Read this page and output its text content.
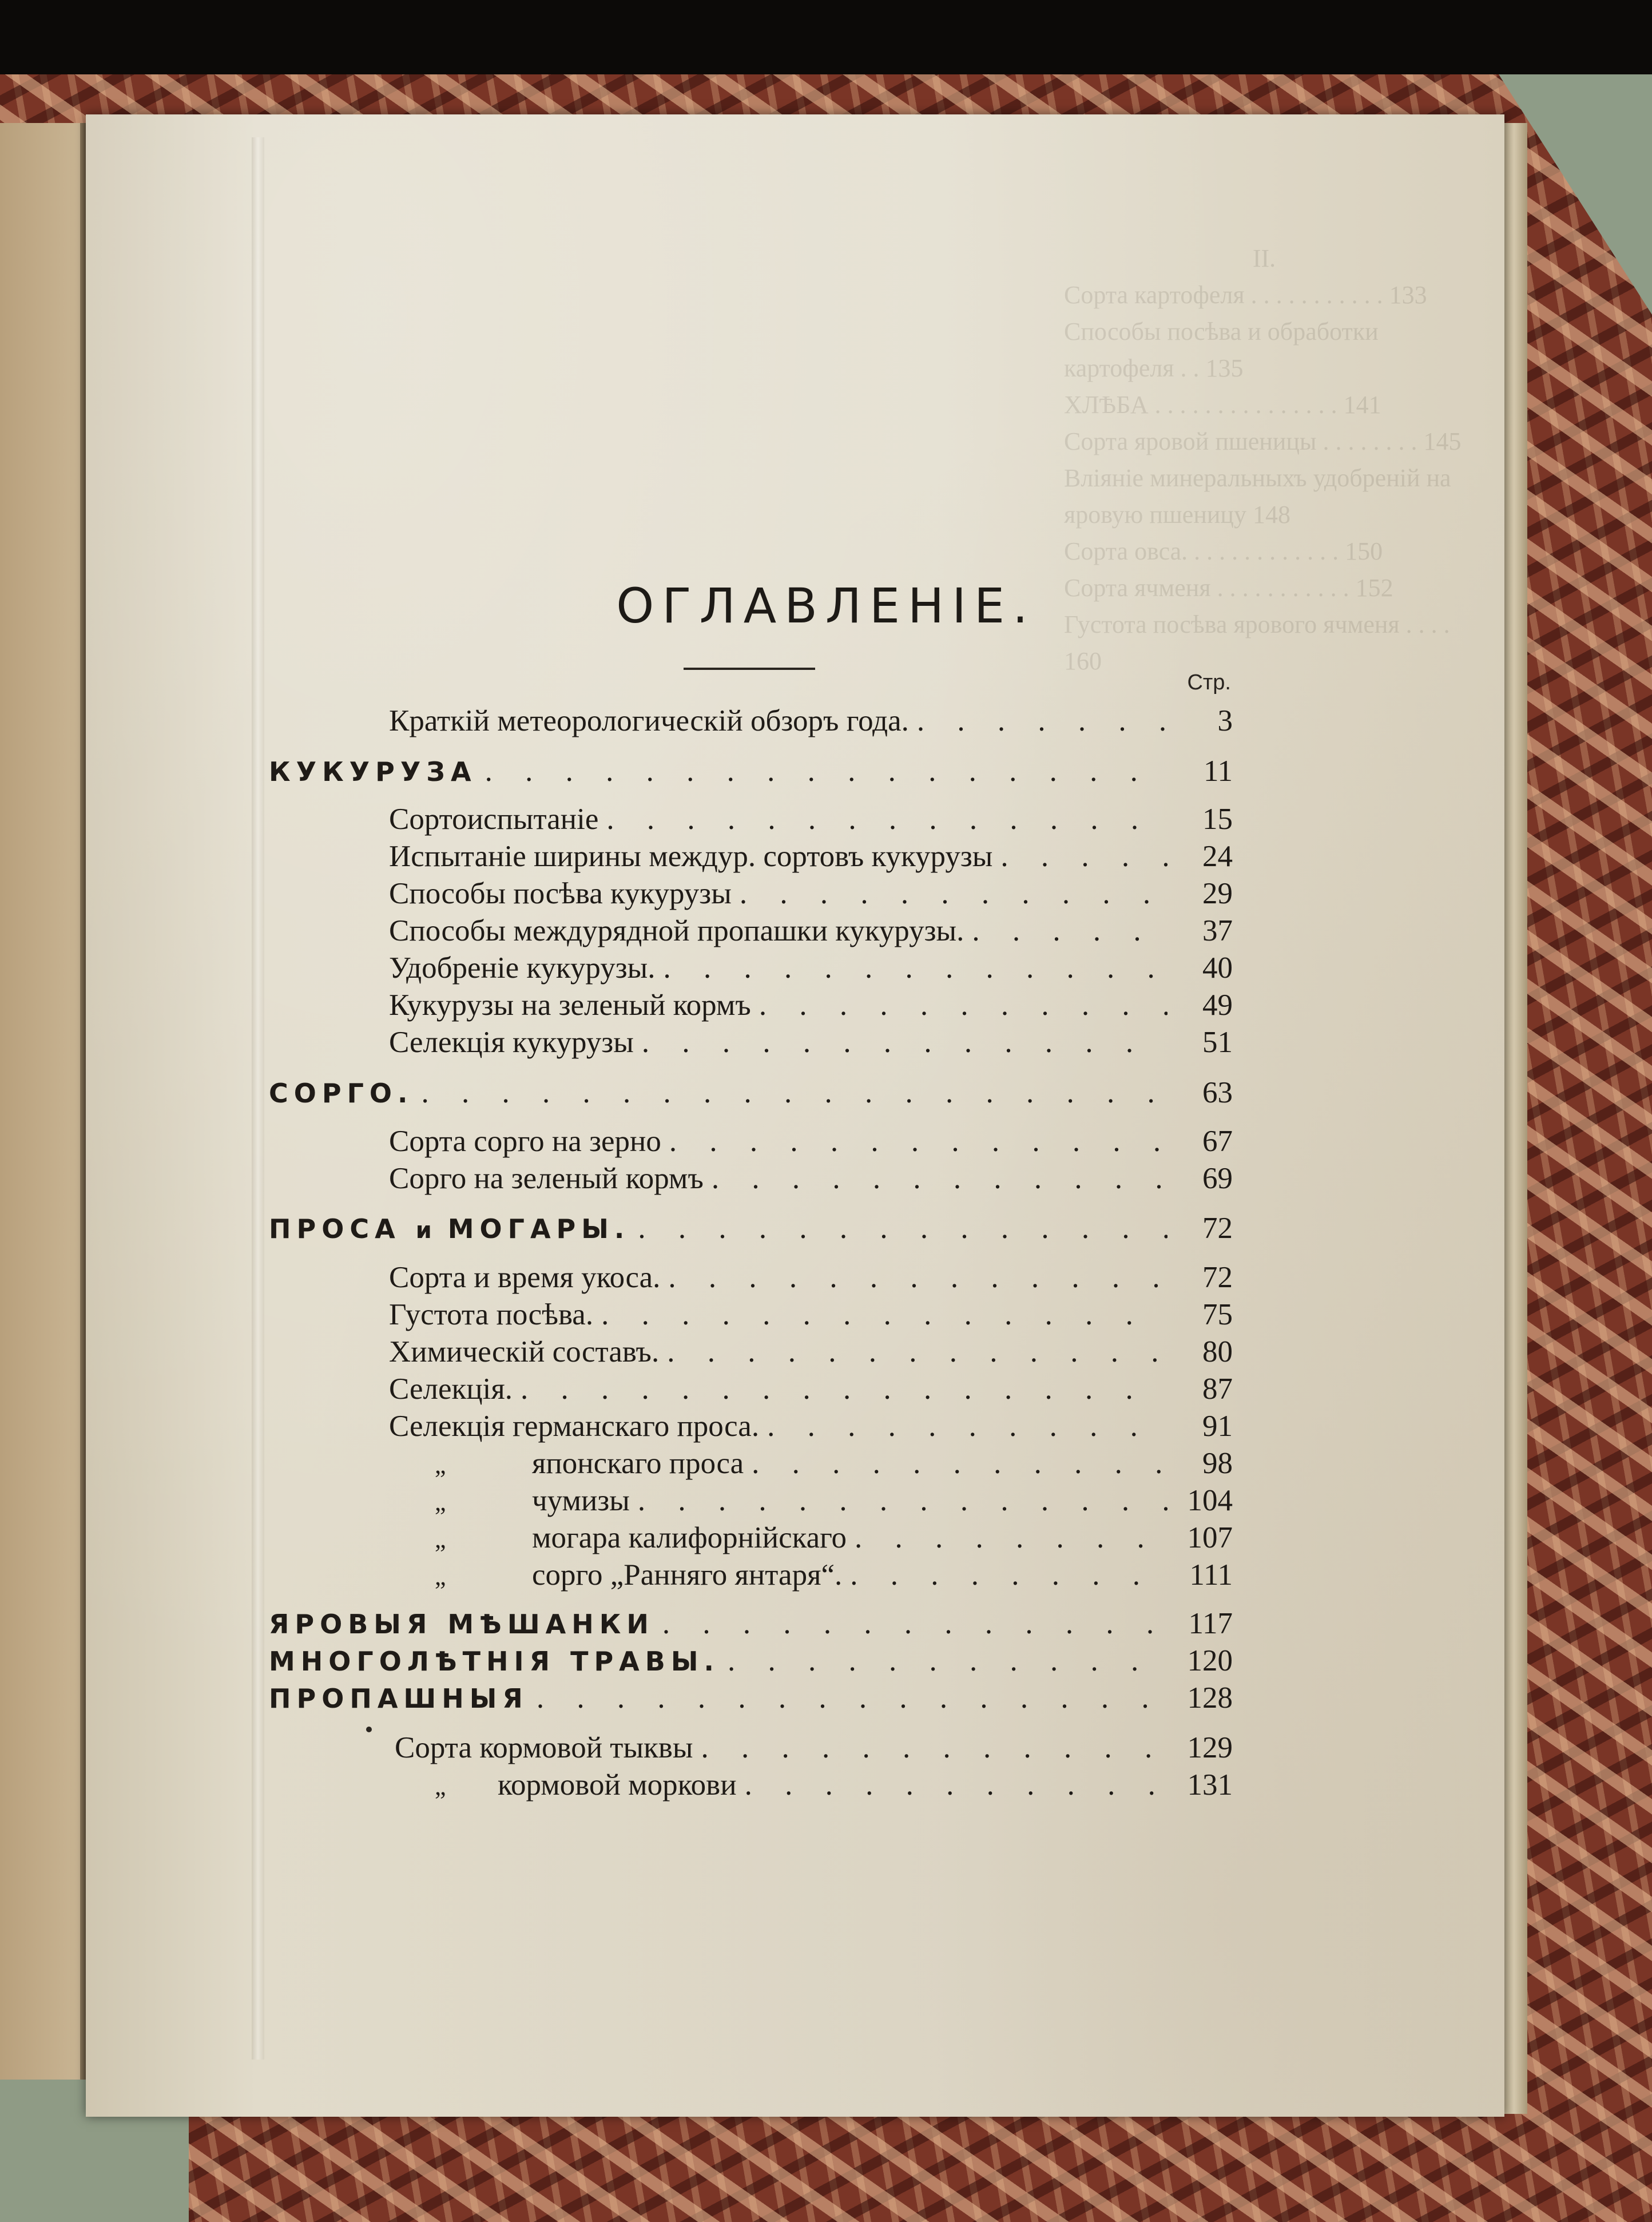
II.
Сорта картофеля . . . . . . . . . . . 133
Способы посѣва и обработки картофеля . . 135
ХЛѢБА . . . . . . . . . . . . . . . 141
Сорта яровой пшеницы . . . . . . . . 145
Вліяніе минеральныхъ удобреній на яровую пшеницу 148
Сорта овса. . . . . . . . . . . . . 150
Сорта ячменя . . . . . . . . . . . 152
Густота посѣва ярового ячменя . . . . 160
ОГЛАВЛЕНІЕ.
Стр.
Краткій метеорологическій обзоръ года. . . .	3
КУКУРУЗА . . .	11
Сортоиспытаніе . . .	15
Испытаніе ширины междур. сортовъ кукурузы . . .	24
Способы посѣва кукурузы . . .	29
Способы междурядной пропашки кукурузы. . . .	37
Удобреніе кукурузы. . . .	40
Кукурузы на зеленый кормъ . . .	49
Селекція кукурузы . . .	51
СОРГО. . . .	63
Сорта сорго на зерно . . .	67
Сорго на зеленый кормъ . . .	69
ПРОСА и МОГАРЫ. . . .	72
Сорта и время укоса. . . .	72
Густота посѣва. . . .	75
Химическій составъ. . . .	80
Селекція. . . .	87
Селекція германскаго проса. . . .	91
„	японскаго проса . . .	98
„	чумизы . . .	104
„	могара калифорнійскаго . . .	107
„	сорго „Ранняго янтаря“. . . .	111
ЯРОВЫЯ МѢШАНКИ . . .	117
МНОГОЛѢТНІЯ ТРАВЫ. . . .	120
ПРОПАШНЫЯ . . .	128
Сорта кормовой тыквы . . .	129
„	кормовой моркови . . .	131
